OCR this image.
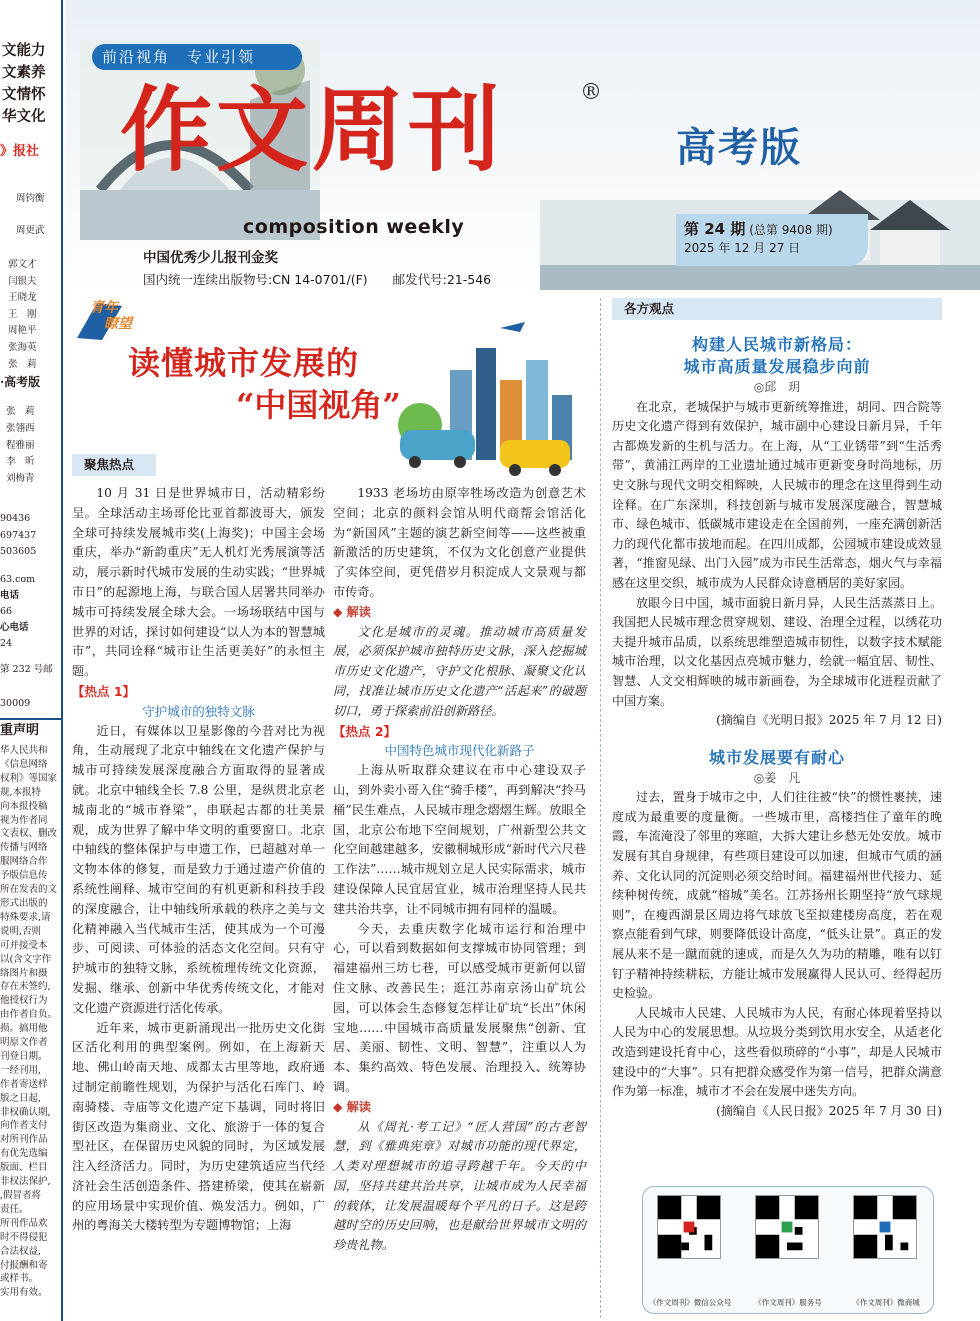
文能力
文素养
文情怀
华文化
》报社
周钧衡
周更武
郭文才
闫银夫
王晓龙
王　刚
周艳平
张海英
张　莉
·高考版
张　莉
张翎西
程雅丽
李　昕
刘梅青
90436
697437
503605
63.com
电话
66
心电话
24
第 232 号邮
30009
重声明
华人民共和
《信息网络
权利》等国家
规,本报特
向本报投稿
视为作者同
文表权、删改
传播与网络
服网络合作
予版信息传
所在发表的文
形式出版的
特殊要求,请
说明,否则
可并接受本
以(含文字作
络图片和摄
存在未签约,
他授权行为
由作者自负。
损。搞用他
明原文作者
刊登日期。
一经刊用,
作者寄送样
版之日起,
非权确认期,
向作者支付
对所刊作品
有优先选编
版面、栏目
非权法保护,
,假冒者将
责任。
所刊作品欢
时不得侵犯
合法权益,
付报酬和寄
或样书。
实用有效。
前沿视角　专业引领
作文周刊	®
composition weekly
中国优秀少儿报刊金奖
国内统一连续出版物号:CN 14-0701/(F)　　邮发代号:21-546
高考版
第 24 期 (总第 9408 期)
2025 年 12 月 27 日
青年
瞭望
读懂城市发展的
“中国视角”
聚焦热点

10 月 31 日是世界城市日，活动精彩纷呈。全球活动主场哥伦比亚首都波哥大，颁发全球可持续发展城市奖(上海奖)；中国主会场重庆，举办“新韵重庆”无人机灯光秀展演等活动，展示新时代城市发展的生动实践；“世界城市日”的起源地上海，与联合国人居署共同举办城市可持续发展全球大会。一场场联结中国与世界的对话，探讨如何建设“以人为本的智慧城市”，共同诠释“城市让生活更美好”的永恒主题。

【热点 1】

守护城市的独特文脉

近日，有媒体以卫星影像的今昔对比为视角，生动展现了北京中轴线在文化遗产保护与城市可持续发展深度融合方面取得的显著成就。北京中轴线全长 7.8 公里，是纵贯北京老城南北的“城市脊梁”，串联起古都的壮美景观，成为世界了解中华文明的重要窗口。北京中轴线的整体保护与申遗工作，已超越对单一文物本体的修复，而是致力于通过遗产价值的系统性阐释、城市空间的有机更新和科技手段的深度融合，让中轴线所承载的秩序之美与文化精神融入当代城市生活，使其成为一个可漫步、可阅读、可体验的活态文化空间。只有守护城市的独特文脉，系统梳理传统文化资源，发掘、继承、创新中华优秀传统文化，才能对文化遗产资源进行活化传承。

近年来，城市更新涌现出一批历史文化街区活化利用的典型案例。例如，在上海新天地、佛山岭南天地、成都太古里等地，政府通过制定前瞻性规划，为保护与活化石库门、岭南骑楼、寺庙等文化遗产定下基调，同时将旧街区改造为集商业、文化、旅游于一体的复合型社区，在保留历史风貌的同时，为区域发展注入经济活力。同时，为历史建筑适应当代经济社会生活创造条件、搭建桥梁，使其在崭新的应用场景中实现价值、焕发活力。例如，广州的粤海关大楼转型为专题博物馆；上海

1933 老场坊由原宰牲场改造为创意艺术空间；北京的颜料会馆从明代商帮会馆活化为“新国风”主题的演艺新空间等——这些被重新激活的历史建筑，不仅为文化创意产业提供了实体空间，更凭借岁月积淀成人文景观与都市传奇。

◆ 解读

文化是城市的灵魂。推动城市高质量发展，必须保护城市独特历史文脉，深入挖掘城市历史文化遗产，守护文化根脉、凝聚文化认同，找准让城市历史文化遗产“活起来”的破题切口，勇于探索前沿创新路径。

【热点 2】

中国特色城市现代化新路子

上海从听取群众建议在市中心建设双子山，到外卖小哥入住“骑手楼”，再到解决“拎马桶”民生难点，人民城市理念熠熠生辉。放眼全国，北京公布地下空间规划，广州新型公共文化空间越建越多，安徽桐城形成“新时代六尺巷工作法”……城市规划立足人民实际需求，城市建设保障人民宜居宜业，城市治理坚持人民共建共治共享，让不同城市拥有同样的温暖。

今天，去重庆数字化城市运行和治理中心，可以看到数据如何支撑城市协同管理；到福建福州三坊七巷，可以感受城市更新何以留住文脉、改善民生；逛江苏南京汤山矿坑公园，可以体会生态修复怎样让矿坑“长出”休闲宝地……中国城市高质量发展聚焦“创新、宜居、美丽、韧性、文明、智慧”，注重以人为本、集约高效、特色发展、治理投入、统筹协调。

◆ 解读

从《周礼·考工记》“匠人营国”的古老智慧，到《雅典宪章》对城市功能的现代界定，人类对理想城市的追寻跨越千年。今天的中国，坚持共建共治共享，让城市成为人民幸福的载体，让发展温暖每个平凡的日子。这是跨越时空的历史回响，也是献给世界城市文明的珍贵礼物。

各方观点

构建人民城市新格局：

城市高质量发展稳步向前

◎邱　玥

在北京，老城保护与城市更新统筹推进，胡同、四合院等历史文化遗产得到有效保护，城市副中心建设日新月异，千年古都焕发新的生机与活力。在上海，从“工业锈带”到“生活秀带”，黄浦江两岸的工业遗址通过城市更新变身时尚地标，历史文脉与现代文明交相辉映，人民城市的理念在这里得到生动诠释。在广东深圳，科技创新与城市发展深度融合，智慧城市、绿色城市、低碳城市建设走在全国前列，一座充满创新活力的现代化都市拔地而起。在四川成都，公园城市建设成效显著，“推窗见绿、出门入园”成为市民生活常态，烟火气与幸福感在这里交织，城市成为人民群众诗意栖居的美好家园。

放眼今日中国，城市面貌日新月异，人民生活蒸蒸日上。我国把人民城市理念贯穿规划、建设、治理全过程，以绣花功夫提升城市品质，以系统思维塑造城市韧性，以数字技术赋能城市治理，以文化基因点亮城市魅力，绘就一幅宜居、韧性、智慧、人文交相辉映的城市新画卷，为全球城市化进程贡献了中国方案。

(摘编自《光明日报》2025 年 7 月 12 日)

城市发展要有耐心

◎姜　凡

过去，置身于城市之中，人们往往被“快”的惯性裹挟，速度成为最重要的度量衡。一些城市里，高楼挡住了童年的晚霞，车流淹没了邻里的寒暄，大拆大建让乡愁无处安放。城市发展有其自身规律，有些项目建设可以加速，但城市气质的涵养、文化认同的沉淀则必须交给时间。福建福州世代接力、延续种树传统，成就“榕城”美名。江苏扬州长期坚持“放气球规则”，在瘦西湖景区周边将气球放飞至拟建楼房高度，若在观察点能看到气球，则要降低设计高度，“低头让景”。真正的发展从来不是一蹴而就的速成，而是久久为功的精雕，唯有以钉钉子精神持续耕耘，方能让城市发展赢得人民认可、经得起历史检验。

人民城市人民建、人民城市为人民，有耐心体现着坚持以人民为中心的发展思想。从垃圾分类到饮用水安全，从适老化改造到建设托育中心，这些看似琐碎的“小事”，却是人民城市建设中的“大事”。只有把群众感受作为第一信号，把群众满意作为第一标准，城市才不会在发展中迷失方向。

(摘编自《人民日报》2025 年 7 月 30 日)

《作文周刊》微信公众号	《作文周刊》服务号	《作文周刊》微商城
